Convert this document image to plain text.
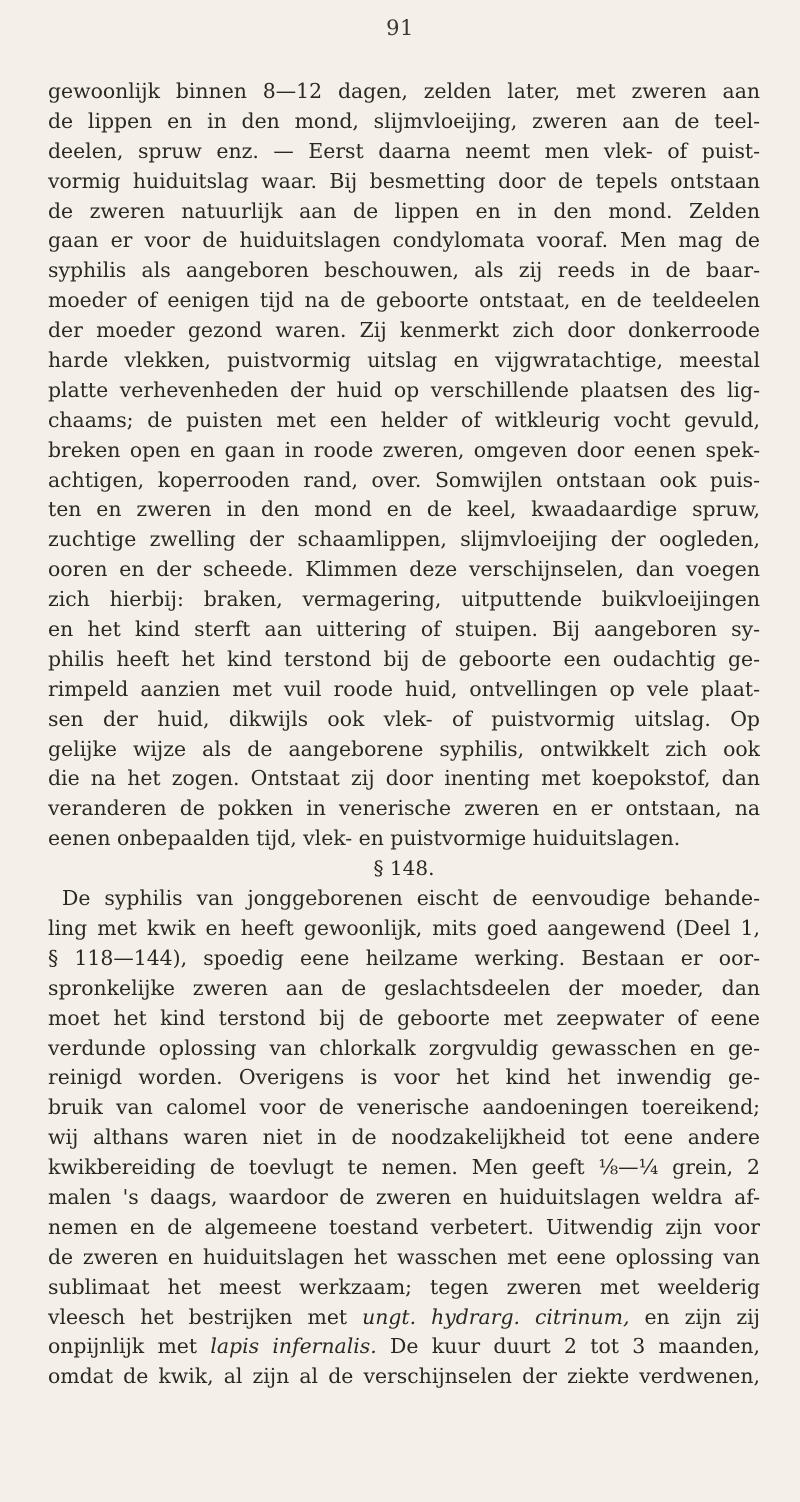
91
gewoonlijk binnen 8—12 dagen, zelden later, met zweren aan
de lippen en in den mond, slijmvloeijing, zweren aan de teel-
deelen, spruw enz. — Eerst daarna neemt men vlek- of puist-
vormig huiduitslag waar. Bij besmetting door de tepels ontstaan
de zweren natuurlijk aan de lippen en in den mond. Zelden
gaan er voor de huiduitslagen condylomata vooraf. Men mag de
syphilis als aangeboren beschouwen, als zij reeds in de baar-
moeder of eenigen tijd na de geboorte ontstaat, en de teeldeelen
der moeder gezond waren. Zij kenmerkt zich door donkerroode
harde vlekken, puistvormig uitslag en vijgwratachtige, meestal
platte verhevenheden der huid op verschillende plaatsen des lig-
chaams; de puisten met een helder of witkleurig vocht gevuld,
breken open en gaan in roode zweren, omgeven door eenen spek-
achtigen, koperrooden rand, over. Somwijlen ontstaan ook puis-
ten en zweren in den mond en de keel, kwaadaardige spruw,
zuchtige zwelling der schaamlippen, slijmvloeijing der oogleden,
ooren en der scheede. Klimmen deze verschijnselen, dan voegen
zich hierbij: braken, vermagering, uitputtende buikvloeijingen
en het kind sterft aan uittering of stuipen. Bij aangeboren sy-
philis heeft het kind terstond bij de geboorte een oudachtig ge-
rimpeld aanzien met vuil roode huid, ontvellingen op vele plaat-
sen der huid, dikwijls ook vlek- of puistvormig uitslag. Op
gelijke wijze als de aangeborene syphilis, ontwikkelt zich ook
die na het zogen. Ontstaat zij door inenting met koepokstof, dan
veranderen de pokken in venerische zweren en er ontstaan, na
eenen onbepaalden tijd, vlek- en puistvormige huiduitslagen.
§ 148.
De syphilis van jonggeborenen eischt de eenvoudige behande-
ling met kwik en heeft gewoonlijk, mits goed aangewend (Deel 1,
§ 118—144), spoedig eene heilzame werking. Bestaan er oor-
spronkelijke zweren aan de geslachtsdeelen der moeder, dan
moet het kind terstond bij de geboorte met zeepwater of eene
verdunde oplossing van chlorkalk zorgvuldig gewasschen en ge-
reinigd worden. Overigens is voor het kind het inwendig ge-
bruik van calomel voor de venerische aandoeningen toereikend;
wij althans waren niet in de noodzakelijkheid tot eene andere
kwikbereiding de toevlugt te nemen. Men geeft ⅛—¼ grein, 2
malen 's daags, waardoor de zweren en huiduitslagen weldra af-
nemen en de algemeene toestand verbetert. Uitwendig zijn voor
de zweren en huiduitslagen het wasschen met eene oplossing van
sublimaat het meest werkzaam; tegen zweren met weelderig
vleesch het bestrijken met ungt. hydrarg. citrinum, en zijn zij
onpijnlijk met lapis infernalis. De kuur duurt 2 tot 3 maanden,
omdat de kwik, al zijn al de verschijnselen der ziekte verdwenen,
